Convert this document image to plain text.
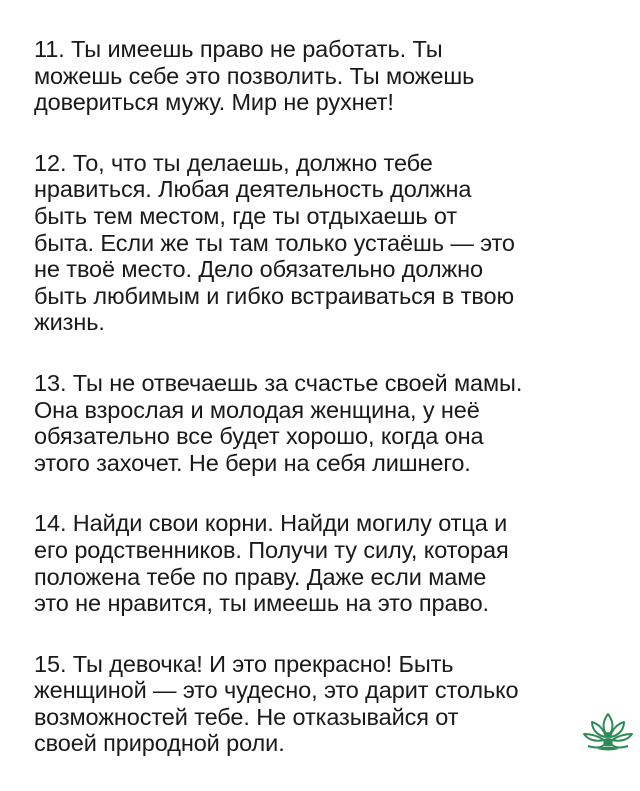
11. Ты имеешь право не работать. Ты
можешь себе это позволить. Ты можешь
довериться мужу. Мир не рухнет!

12. То, что ты делаешь, должно тебе
нравиться. Любая деятельность должна
быть тем местом, где ты отдыхаешь от
быта. Если же ты там только устаёшь — это
не твоё место. Дело обязательно должно
быть любимым и гибко встраиваться в твою
жизнь.

13. Ты не отвечаешь за счастье своей мамы.
Она взрослая и молодая женщина, у неё
обязательно все будет хорошо, когда она
этого захочет. Не бери на себя лишнего.

14. Найди свои корни. Найди могилу отца и
его родственников. Получи ту силу, которая
положена тебе по праву. Даже если маме
это не нравится, ты имеешь на это право.

15. Ты девочка! И это прекрасно! Быть
женщиной — это чудесно, это дарит столько
возможностей тебе. Не отказывайся от
своей природной роли.
